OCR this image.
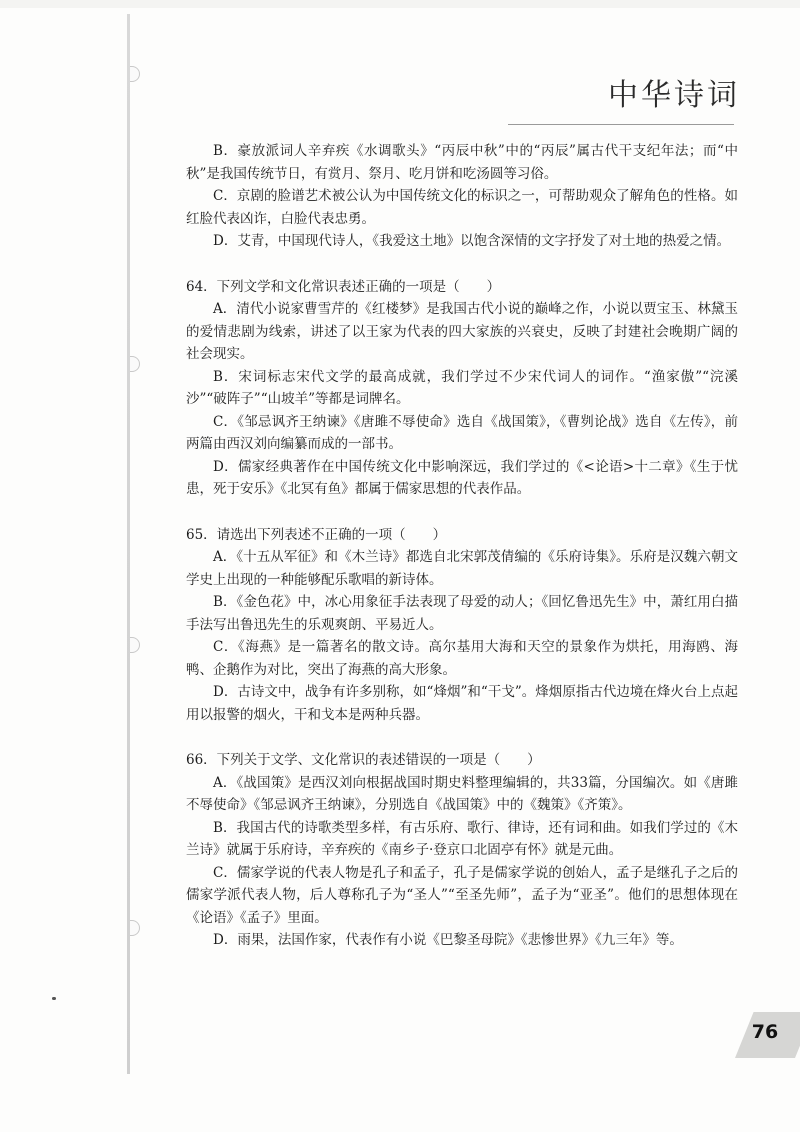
中华诗词

B．豪放派词人辛弃疾《水调歌头》“丙辰中秋”中的“丙辰”属古代干支纪年法；而“中秋”是我国传统节日，有赏月、祭月、吃月饼和吃汤圆等习俗。

C．京剧的脸谱艺术被公认为中国传统文化的标识之一，可帮助观众了解角色的性格。如红脸代表凶诈，白脸代表忠勇。

D．艾青，中国现代诗人，《我爱这土地》以饱含深情的文字抒发了对土地的热爱之情。

64．下列文学和文化常识表述正确的一项是（　　）

A．清代小说家曹雪芹的《红楼梦》是我国古代小说的巅峰之作，小说以贾宝玉、林黛玉的爱情悲剧为线索，讲述了以王家为代表的四大家族的兴衰史，反映了封建社会晚期广阔的社会现实。

B．宋词标志宋代文学的最高成就，我们学过不少宋代词人的词作。“渔家傲”“浣溪沙”“破阵子”“山坡羊”等都是词牌名。

C．《邹忌讽齐王纳谏》《唐雎不辱使命》选自《战国策》，《曹刿论战》选自《左传》，前两篇由西汉刘向编纂而成的一部书。

D．儒家经典著作在中国传统文化中影响深远，我们学过的《<论语>十二章》《生于忧患，死于安乐》《北冥有鱼》都属于儒家思想的代表作品。

65．请选出下列表述不正确的一项（　　）

A．《十五从军征》和《木兰诗》都选自北宋郭茂倩编的《乐府诗集》。乐府是汉魏六朝文学史上出现的一种能够配乐歌唱的新诗体。

B．《金色花》中，冰心用象征手法表现了母爱的动人；《回忆鲁迅先生》中，萧红用白描手法写出鲁迅先生的乐观爽朗、平易近人。

C．《海燕》是一篇著名的散文诗。高尔基用大海和天空的景象作为烘托，用海鸥、海鸭、企鹅作为对比，突出了海燕的高大形象。

D．古诗文中，战争有许多别称，如“烽烟”和“干戈”。烽烟原指古代边境在烽火台上点起用以报警的烟火，干和戈本是两种兵器。

66．下列关于文学、文化常识的表述错误的一项是（　　）

A．《战国策》是西汉刘向根据战国时期史料整理编辑的，共33篇，分国编次。如《唐雎不辱使命》《邹忌讽齐王纳谏》，分别选自《战国策》中的《魏策》《齐策》。

B．我国古代的诗歌类型多样，有古乐府、歌行、律诗，还有词和曲。如我们学过的《木兰诗》就属于乐府诗，辛弃疾的《南乡子·登京口北固亭有怀》就是元曲。

C．儒家学说的代表人物是孔子和孟子，孔子是儒家学说的创始人，孟子是继孔子之后的儒家学派代表人物，后人尊称孔子为“圣人”“至圣先师”，孟子为“亚圣”。他们的思想体现在《论语》《孟子》里面。

D．雨果，法国作家，代表作有小说《巴黎圣母院》《悲惨世界》《九三年》等。

76
